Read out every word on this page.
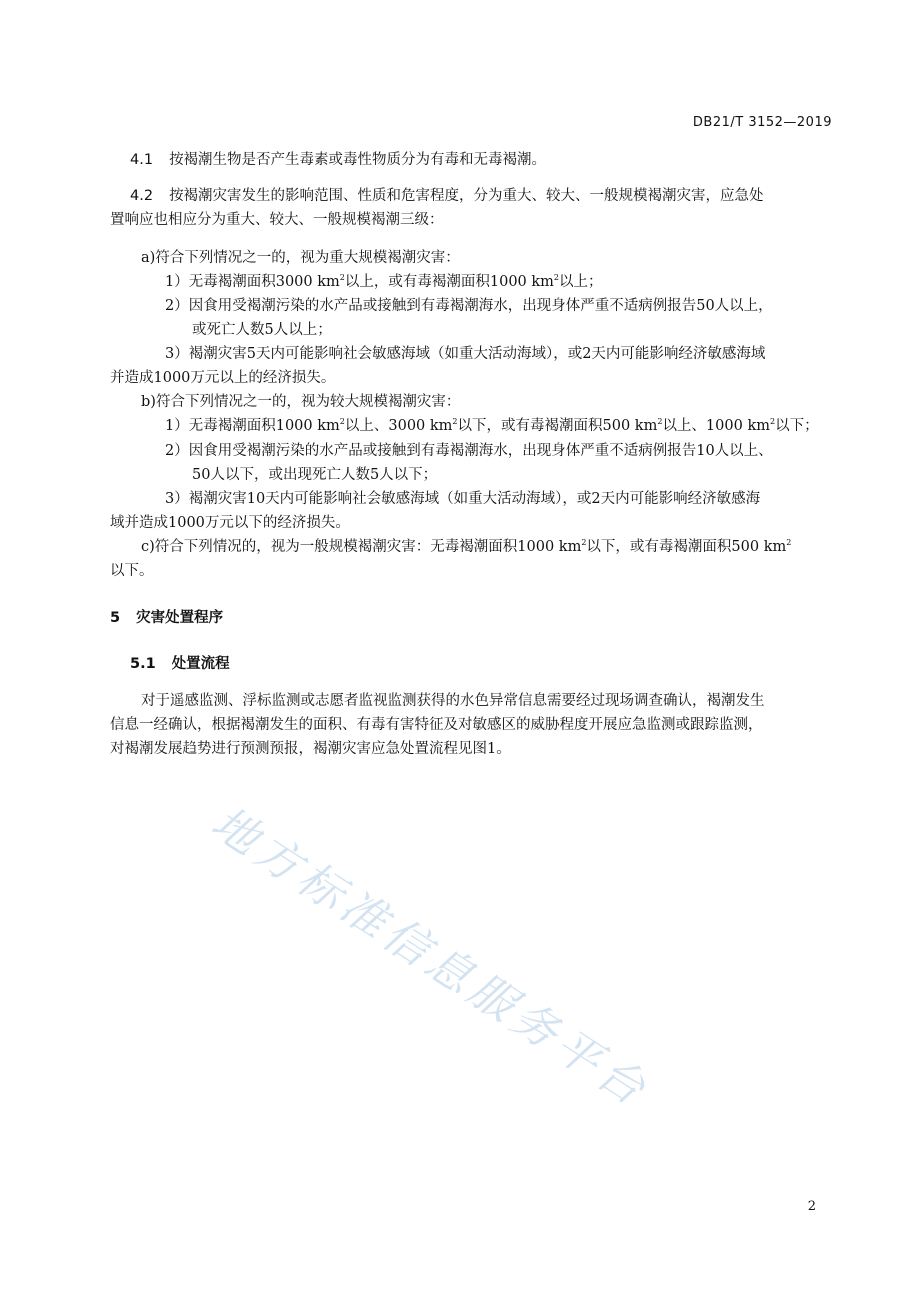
DB21/T 3152—2019
4.1 按褐潮生物是否产生毒素或毒性物质分为有毒和无毒褐潮。
4.2 按褐潮灾害发生的影响范围、性质和危害程度，分为重大、较大、一般规模褐潮灾害，应急处
置响应也相应分为重大、较大、一般规模褐潮三级：
a)符合下列情况之一的，视为重大规模褐潮灾害：
1）无毒褐潮面积3000 $km^2$以上，或有毒褐潮面积1000 $km^2$以上；
2）因食用受褐潮污染的水产品或接触到有毒褐潮海水，出现身体严重不适病例报告50人以上，
或死亡人数5人以上；
3）褐潮灾害5天内可能影响社会敏感海域（如重大活动海域），或2天内可能影响经济敏感海域
并造成1000万元以上的经济损失。
b)符合下列情况之一的，视为较大规模褐潮灾害：
1）无毒褐潮面积1000 $km^2$以上、3000 $km^2$以下，或有毒褐潮面积500 $km^2$以上、1000 $km^2$以下；
2）因食用受褐潮污染的水产品或接触到有毒褐潮海水，出现身体严重不适病例报告10人以上、
50人以下，或出现死亡人数5人以下；
3）褐潮灾害10天内可能影响社会敏感海域（如重大活动海域），或2天内可能影响经济敏感海
域并造成1000万元以下的经济损失。
c)符合下列情况的，视为一般规模褐潮灾害：无毒褐潮面积1000 $km^2$以下，或有毒褐潮面积500 $km^2$
以下。
5 灾害处置程序
5.1 处置流程
对于遥感监测、浮标监测或志愿者监视监测获得的水色异常信息需要经过现场调查确认，褐潮发生
信息一经确认，根据褐潮发生的面积、有毒有害特征及对敏感区的威胁程度开展应急监测或跟踪监测，
对褐潮发展趋势进行预测预报，褐潮灾害应急处置流程见图1。
地方标准信息服务平台
2
